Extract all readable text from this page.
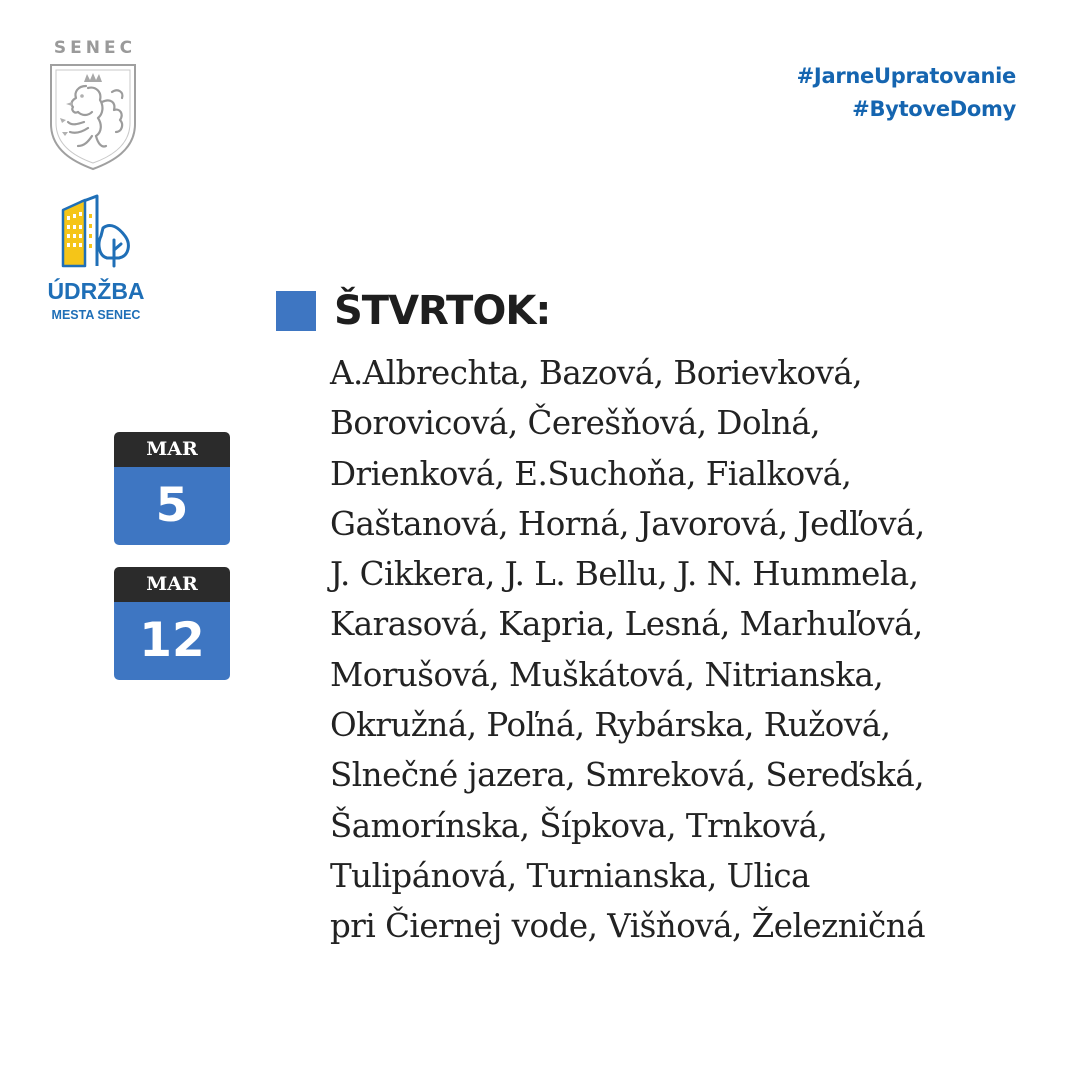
SENEC
ÚDRŽBA
MESTA SENEC
#JarneUpratovanie
#BytoveDomy
ŠTVRTOK:
MAR
5
MAR
12
A.Albrechta, Bazová, Borievková,
Borovicová, Čerešňová, Dolná,
Drienková, E.Suchoňa, Fialková,
Gaštanová, Horná, Javorová, Jedľová,
J. Cikkera, J. L. Bellu, J. N. Hummela,
Karasová, Kapria, Lesná, Marhuľová,
Morušová, Muškátová, Nitrianska,
Okružná, Poľná, Rybárska, Ružová,
Slnečné jazera, Smreková, Sereďská,
Šamorínska, Šípkova, Trnková,
Tulipánová, Turnianska, Ulica
pri Čiernej vode, Višňová, Železničná
